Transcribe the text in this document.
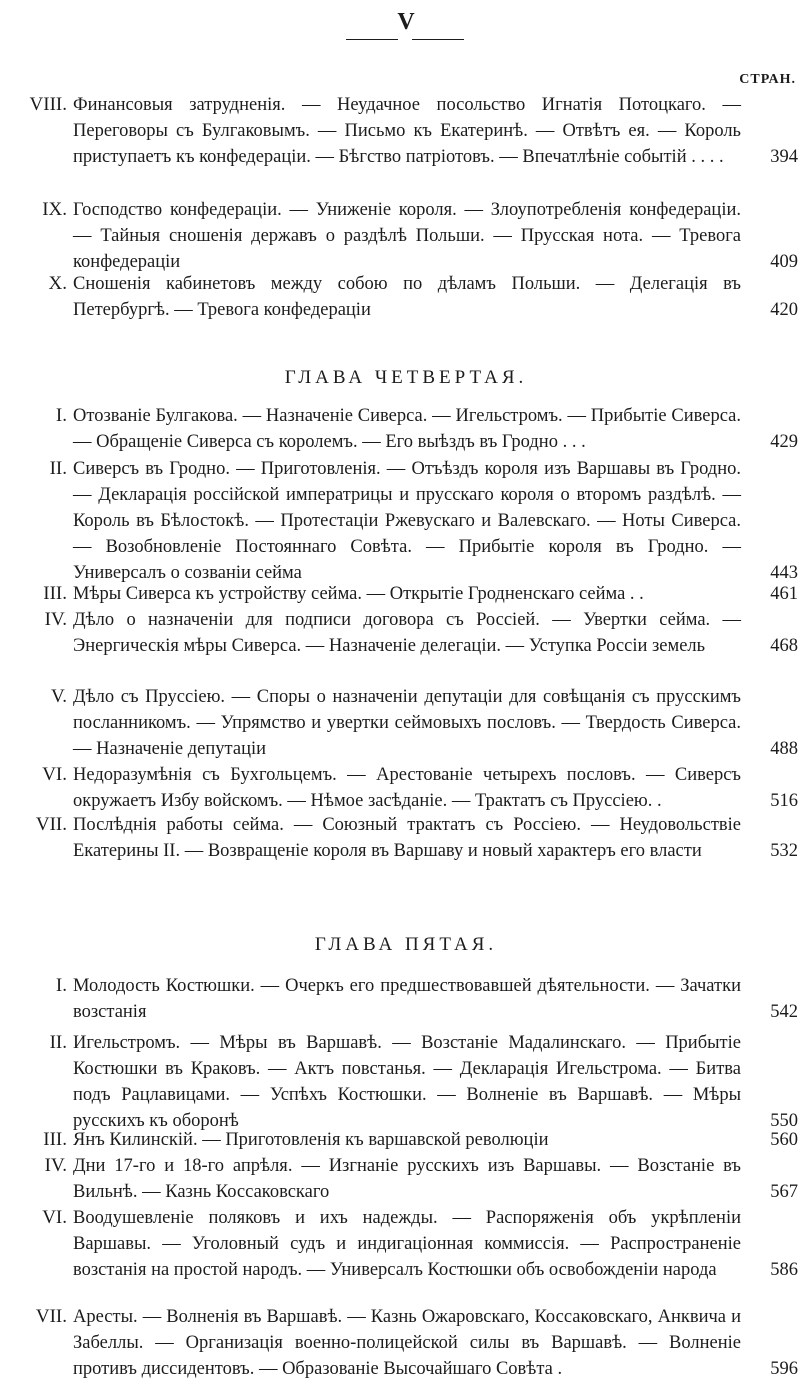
V
СТРАН.
VIII. Финансовыя затрудненія. — Неудачное посольство Игнатія Потоцкаго. — Переговоры съ Булгаковымъ. — Письмо къ Екатеринѣ. — Отвѣтъ ея. — Король приступаетъ къ конфедераціи. — Бѣгство патріотовъ. — Впечатлѣніе событій . . . .	394
IX. Господство конфедераціи. — Униженіе короля. — Злоупотребленія конфедераціи. — Тайныя сношенія державъ о раздѣлѣ Польши. — Прусская нота. — Тревога конфедераціи	409
X. Сношенія кабинетовъ между собою по дѣламъ Польши. — Делегація въ Петербургѣ. — Тревога конфедераціи	420
ГЛАВА ЧЕТВЕРТАЯ.
I. Отозваніе Булгакова. — Назначеніе Сиверса. — Игельстромъ. — Прибытіе Сиверса. — Обращеніе Сиверса съ королемъ. — Его выѣздъ въ Гродно . . .	429
II. Сиверсъ въ Гродно. — Приготовленія. — Отъѣздъ короля изъ Варшавы въ Гродно. — Декларація россійской императрицы и прусскаго короля о второмъ раздѣлѣ. — Король въ Бѣлостокѣ. — Протестаціи Ржевускаго и Валевскаго. — Ноты Сиверса. — Возобновленіе Постояннаго Совѣта. — Прибытіе короля въ Гродно. — Универсалъ о созваніи сейма	443
III. Мѣры Сиверса къ устройству сейма. — Открытіе Гродненскаго сейма . .	461
IV. Дѣло о назначеніи для подписи договора съ Россіей. — Увертки сейма. — Энергическія мѣры Сиверса. — Назначеніе делегаціи. — Уступка Россіи земель	468
V. Дѣло съ Пруссіею. — Споры о назначеніи депутаціи для совѣщанія съ прусскимъ посланникомъ. — Упрямство и увертки сеймовыхъ пословъ. — Твердость Сиверса. — Назначеніе депутаціи	488
VI. Недоразумѣнія съ Бухгольцемъ. — Арестованіе четырехъ пословъ. — Сиверсъ окружаетъ Избу войскомъ. — Нѣмое засѣданіе. — Трактатъ съ Пруссіею. .	516
VII. Послѣднія работы сейма. — Союзный трактатъ съ Россіею. — Неудовольствіе Екатерины II. — Возвращеніе короля въ Варшаву и новый характеръ его власти	532
ГЛАВА ПЯТАЯ.
I. Молодость Костюшки. — Очеркъ его предшествовавшей дѣятельности. — Зачатки возстанія	542
II. Игельстромъ. — Мѣры въ Варшавѣ. — Возстаніе Мадалинскаго. — Прибытіе Костюшки въ Краковъ. — Актъ повстанья. — Декларація Игельстрома. — Битва подъ Рацлавицами. — Успѣхъ Костюшки. — Волненіе въ Варшавѣ. — Мѣры русскихъ къ оборонѣ	550
III. Янъ Килинскій. — Приготовленія къ варшавской революціи	560
IV. Дни 17-го и 18-го апрѣля. — Изгнаніе русскихъ изъ Варшавы. — Возстаніе въ Вильнѣ. — Казнь Коссаковскаго	567
VI. Воодушевленіе поляковъ и ихъ надежды. — Распоряженія объ укрѣпленіи Варшавы. — Уголовный судъ и индигаціонная коммиссія. — Распространеніе возстанія на простой народъ. — Универсалъ Костюшки объ освобожденіи народа	586
VII. Аресты. — Волненія въ Варшавѣ. — Казнь Ожаровскаго, Коссаковскаго, Анквича и Забеллы. — Организація военно-полицейской силы въ Варшавѣ. — Волненіе противъ диссидентовъ. — Образованіе Высочайшаго Совѣта .	596
